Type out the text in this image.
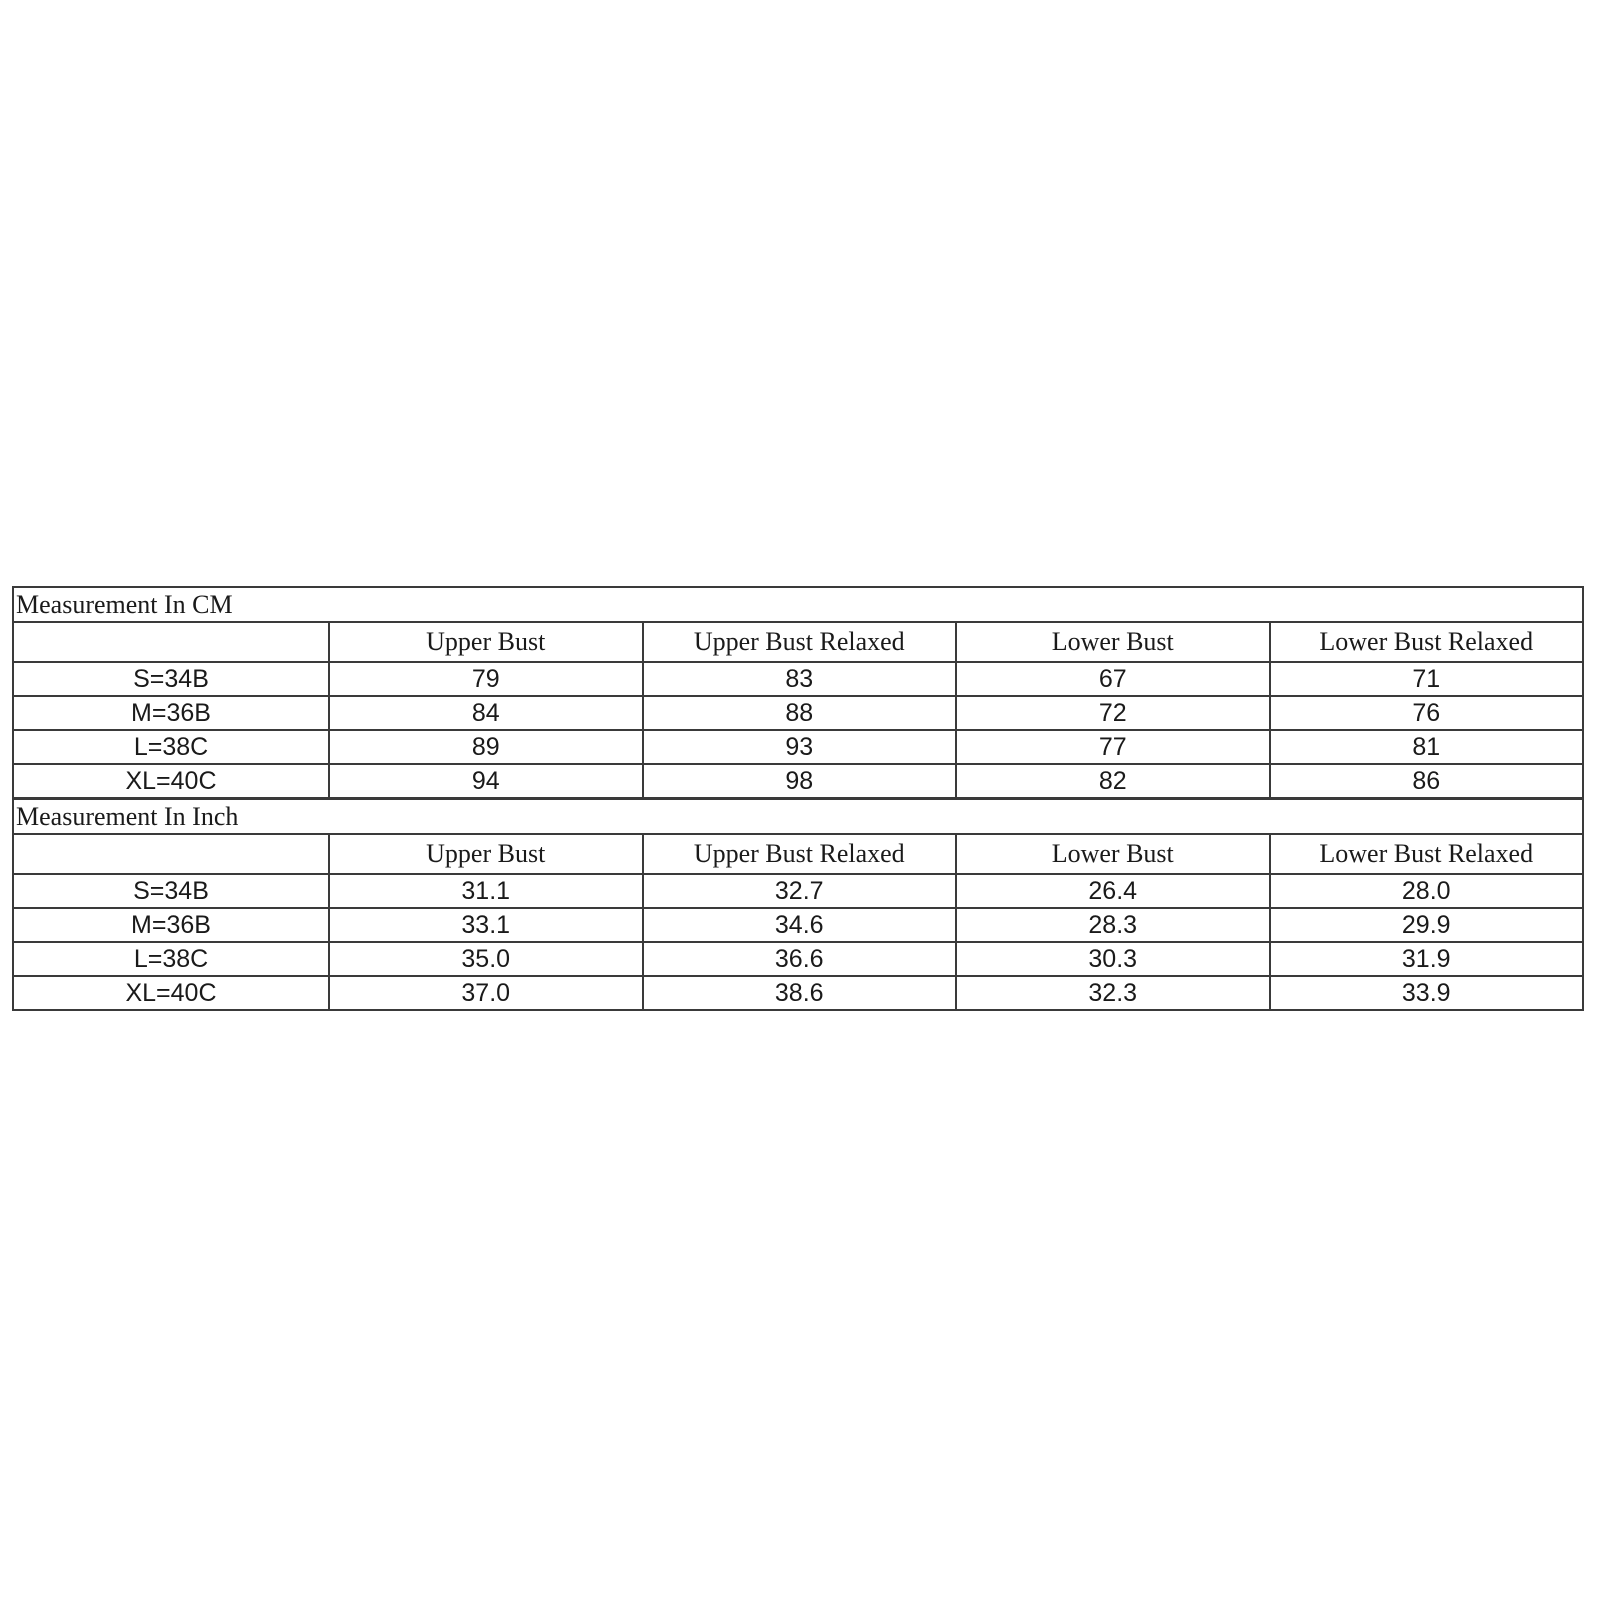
Measurement In CM				
	Upper Bust	Upper Bust Relaxed	Lower Bust	Lower Bust Relaxed
S=34B	79	83	67	71
M=36B	84	88	72	76
L=38C	89	93	77	81
XL=40C	94	98	82	86
Measurement In Inch				
	Upper Bust	Upper Bust Relaxed	Lower Bust	Lower Bust Relaxed
S=34B	31.1	32.7	26.4	28.0
M=36B	33.1	34.6	28.3	29.9
L=38C	35.0	36.6	30.3	31.9
XL=40C	37.0	38.6	32.3	33.9
